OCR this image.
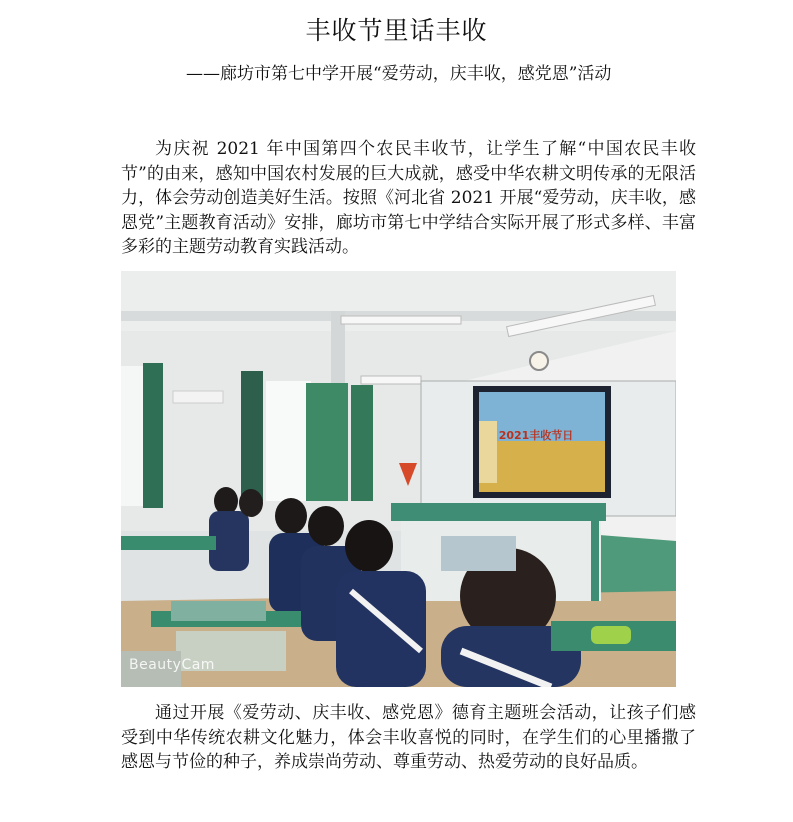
丰收节里话丰收
——廊坊市第七中学开展“爱劳动，庆丰收，感党恩”活动
为庆祝 2021 年中国第四个农民丰收节，让学生了解“中国农民丰收节”的由来，感知中国农村发展的巨大成就，感受中华农耕文明传承的无限活力，体会劳动创造美好生活。按照《河北省 2021 开展“爱劳动，庆丰收，感恩党”主题教育活动》安排，廊坊市第七中学结合实际开展了形式多样、丰富多彩的主题劳动教育实践活动。
2021丰收节日
BeautyCam
通过开展《爱劳动、庆丰收、感党恩》德育主题班会活动，让孩子们感受到中华传统农耕文化魅力，体会丰收喜悦的同时，在学生们的心里播撒了感恩与节俭的种子，养成崇尚劳动、尊重劳动、热爱劳动的良好品质。
